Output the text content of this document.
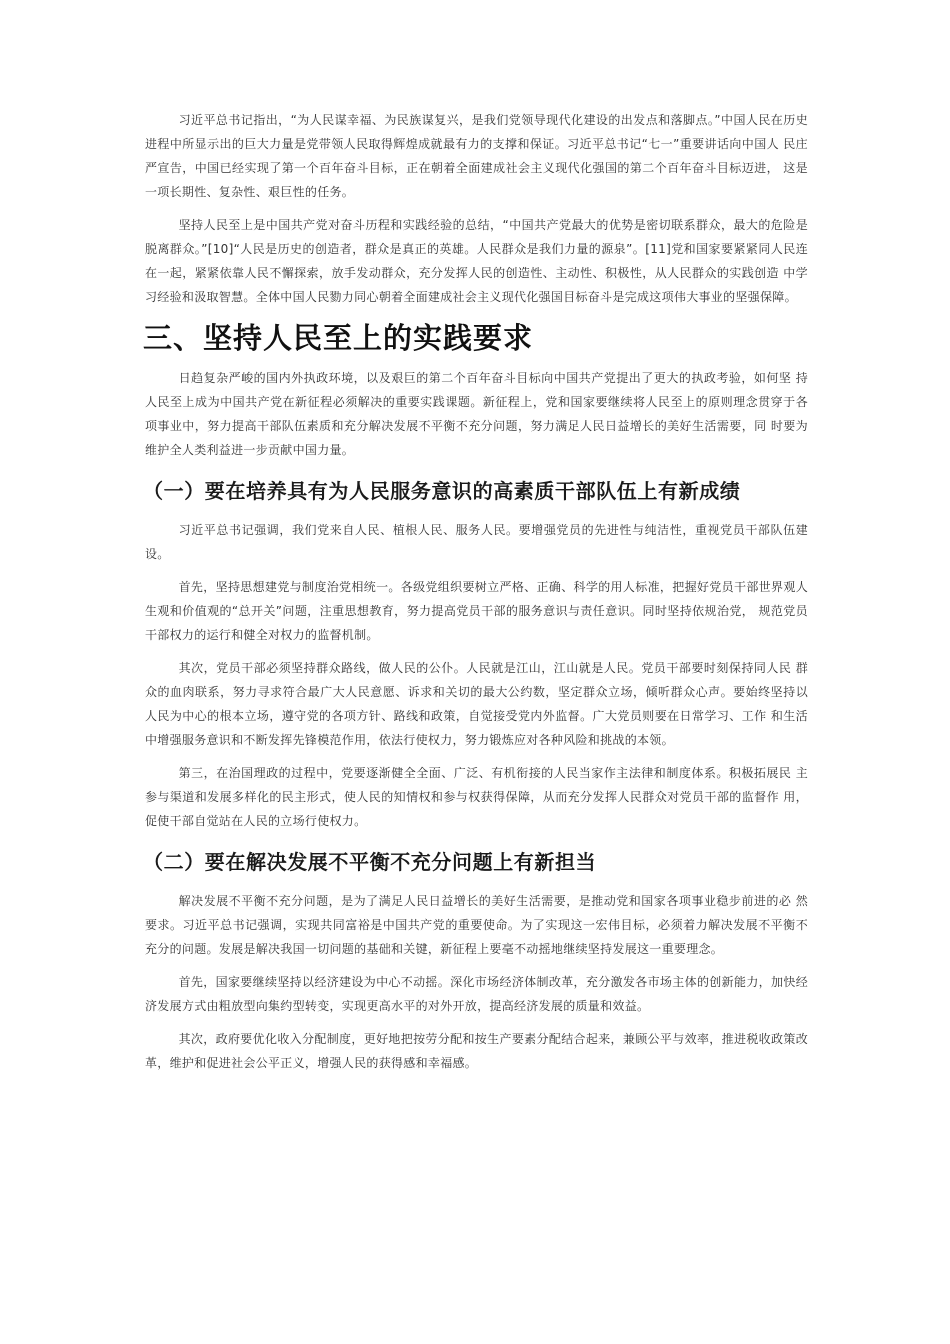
习近平总书记指出，“为人民谋幸福、为民族谋复兴，是我们党领导现代化建设的出发点和落脚点。”中国人民在历史进程中所显示出的巨大力量是党带领人民取得辉煌成就最有力的支撑和保证。习近平总书记“七一”重要讲话向中国人 民庄严宣告，中国已经实现了第一个百年奋斗目标，正在朝着全面建成社会主义现代化强国的第二个百年奋斗目标迈进， 这是一项长期性、复杂性、艰巨性的任务。

坚持人民至上是中国共产党对奋斗历程和实践经验的总结，“中国共产党最大的优势是密切联系群众，最大的危险是脱离群众。”[10]“人民是历史的创造者，群众是真正的英雄。人民群众是我们力量的源泉”。[11]党和国家要紧紧同人民连在一起，紧紧依靠人民不懈探索，放手发动群众，充分发挥人民的创造性、主动性、积极性，从人民群众的实践创造 中学习经验和汲取智慧。全体中国人民勠力同心朝着全面建成社会主义现代化强国目标奋斗是完成这项伟大事业的坚强保障。

三、坚持人民至上的实践要求

日趋复杂严峻的国内外执政环境，以及艰巨的第二个百年奋斗目标向中国共产党提出了更大的执政考验，如何坚 持人民至上成为中国共产党在新征程必须解决的重要实践课题。新征程上，党和国家要继续将人民至上的原则理念贯穿于各项事业中，努力提高干部队伍素质和充分解决发展不平衡不充分问题，努力满足人民日益增长的美好生活需要，同 时要为维护全人类利益进一步贡献中国力量。

（一）要在培养具有为人民服务意识的高素质干部队伍上有新成绩

习近平总书记强调，我们党来自人民、植根人民、服务人民。要增强党员的先进性与纯洁性，重视党员干部队伍建设。

首先，坚持思想建党与制度治党相统一。各级党组织要树立严格、正确、科学的用人标准，把握好党员干部世界观人生观和价值观的“总开关”问题，注重思想教育，努力提高党员干部的服务意识与责任意识。同时坚持依规治党， 规范党员干部权力的运行和健全对权力的监督机制。

其次，党员干部必须坚持群众路线，做人民的公仆。人民就是江山，江山就是人民。党员干部要时刻保持同人民 群众的血肉联系，努力寻求符合最广大人民意愿、诉求和关切的最大公约数，坚定群众立场，倾听群众心声。要始终坚持以人民为中心的根本立场，遵守党的各项方针、路线和政策，自觉接受党内外监督。广大党员则要在日常学习、工作 和生活中增强服务意识和不断发挥先锋模范作用，依法行使权力，努力锻炼应对各种风险和挑战的本领。

第三，在治国理政的过程中，党要逐渐健全全面、广泛、有机衔接的人民当家作主法律和制度体系。积极拓展民 主参与渠道和发展多样化的民主形式，使人民的知情权和参与权获得保障，从而充分发挥人民群众对党员干部的监督作 用，促使干部自觉站在人民的立场行使权力。

（二）要在解决发展不平衡不充分问题上有新担当

解决发展不平衡不充分问题，是为了满足人民日益增长的美好生活需要，是推动党和国家各项事业稳步前进的必 然要求。习近平总书记强调，实现共同富裕是中国共产党的重要使命。为了实现这一宏伟目标，必须着力解决发展不平衡不充分的问题。发展是解决我国一切问题的基础和关键，新征程上要毫不动摇地继续坚持发展这一重要理念。

首先，国家要继续坚持以经济建设为中心不动摇。深化市场经济体制改革，充分激发各市场主体的创新能力，加快经济发展方式由粗放型向集约型转变，实现更高水平的对外开放，提高经济发展的质量和效益。

其次，政府要优化收入分配制度，更好地把按劳分配和按生产要素分配结合起来，兼顾公平与效率，推进税收政策改革，维护和促进社会公平正义，增强人民的获得感和幸福感。
